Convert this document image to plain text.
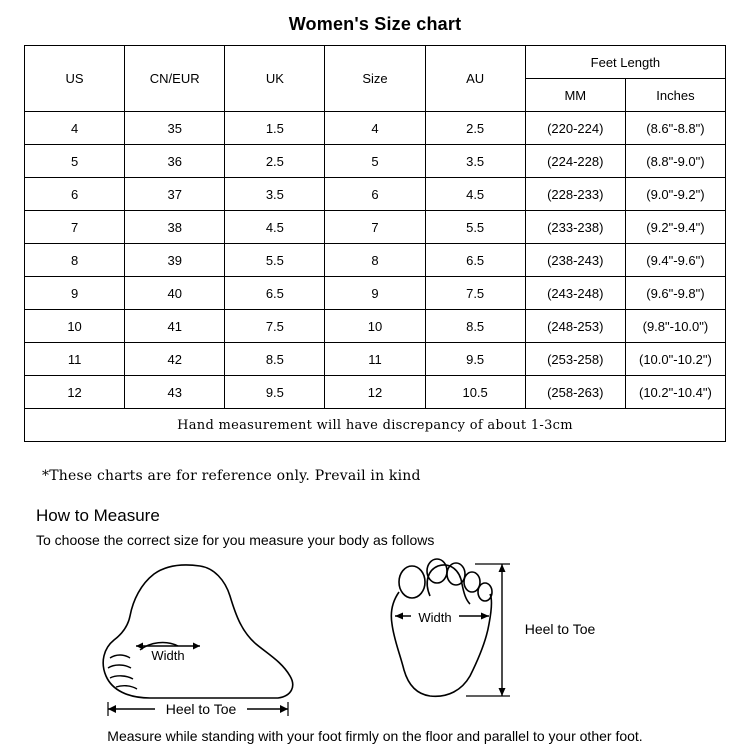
Women's Size chart
US	CN/EUR	UK	Size	AU	Feet Length	
					MM	Inches
4	35	1.5	4	2.5	(220-224)	(8.6"-8.8")
5	36	2.5	5	3.5	(224-228)	(8.8"-9.0")
6	37	3.5	6	4.5	(228-233)	(9.0"-9.2")
7	38	4.5	7	5.5	(233-238)	(9.2"-9.4")
8	39	5.5	8	6.5	(238-243)	(9.4"-9.6")
9	40	6.5	9	7.5	(243-248)	(9.6"-9.8")
10	41	7.5	10	8.5	(248-253)	(9.8"-10.0")
11	42	8.5	11	9.5	(253-258)	(10.0"-10.2")
12	43	9.5	12	10.5	(258-263)	(10.2"-10.4")
Hand measurement will have discrepancy of about 1-3cm						
*These charts are for reference only. Prevail in kind
How to Measure
To choose the correct size for you measure your body as follows
Width
Heel to Toe
Width
Heel to Toe
Measure while standing with your foot firmly on the floor and parallel to your other foot.
